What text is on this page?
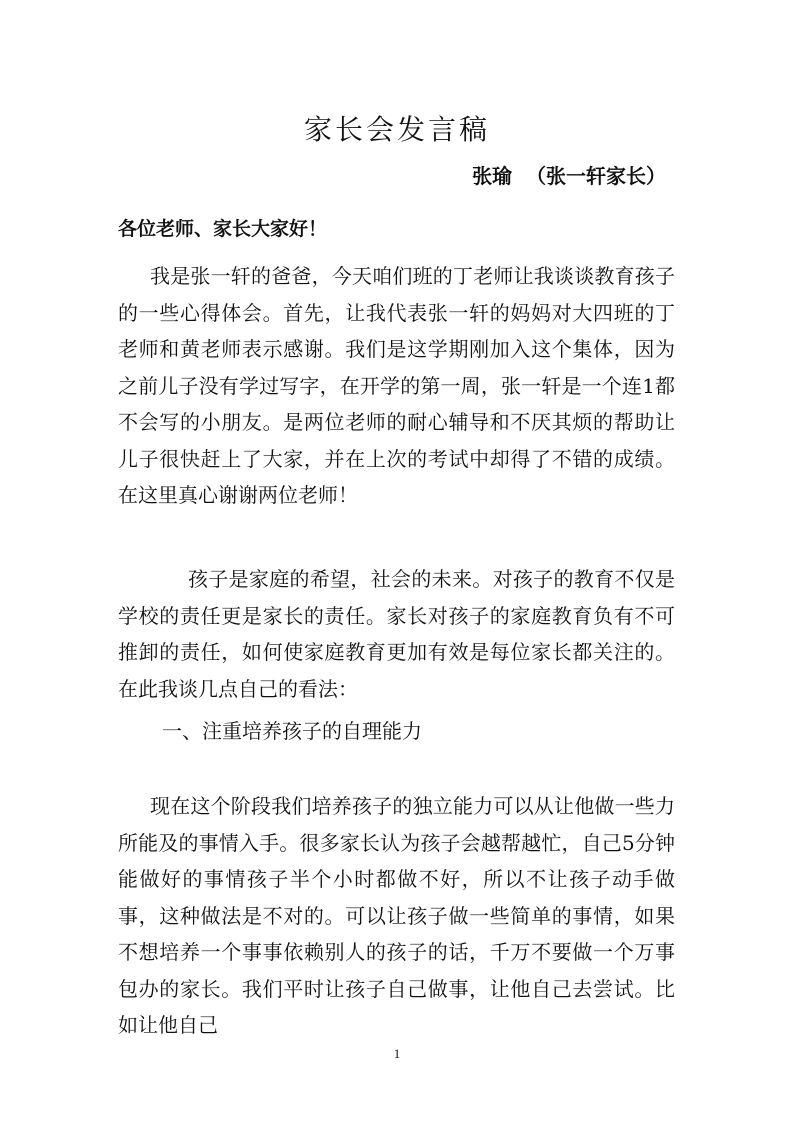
家长会发言稿
张瑜  （张一轩家长）
各位老师、家长大家好！

我是张一轩的爸爸，今天咱们班的丁老师让我谈谈教育孩子的一些心得体会。首先，让我代表张一轩的妈妈对大四班的丁老师和黄老师表示感谢。我们是这学期刚加入这个集体，因为之前儿子没有学过写字，在开学的第一周，张一轩是一个连1都不会写的小朋友。是两位老师的耐心辅导和不厌其烦的帮助让儿子很快赶上了大家，并在上次的考试中却得了不错的成绩。在这里真心谢谢两位老师！

孩子是家庭的希望，社会的未来。对孩子的教育不仅是学校的责任更是家长的责任。家长对孩子的家庭教育负有不可推卸的责任，如何使家庭教育更加有效是每位家长都关注的。在此我谈几点自己的看法：

一、注重培养孩子的自理能力

现在这个阶段我们培养孩子的独立能力可以从让他做一些力所能及的事情入手。很多家长认为孩子会越帮越忙，自己5分钟能做好的事情孩子半个小时都做不好，所以不让孩子动手做事，这种做法是不对的。可以让孩子做一些简单的事情，如果不想培养一个事事依赖别人的孩子的话，千万不要做一个万事包办的家长。我们平时让孩子自己做事，让他自己去尝试。比如让他自己

1
